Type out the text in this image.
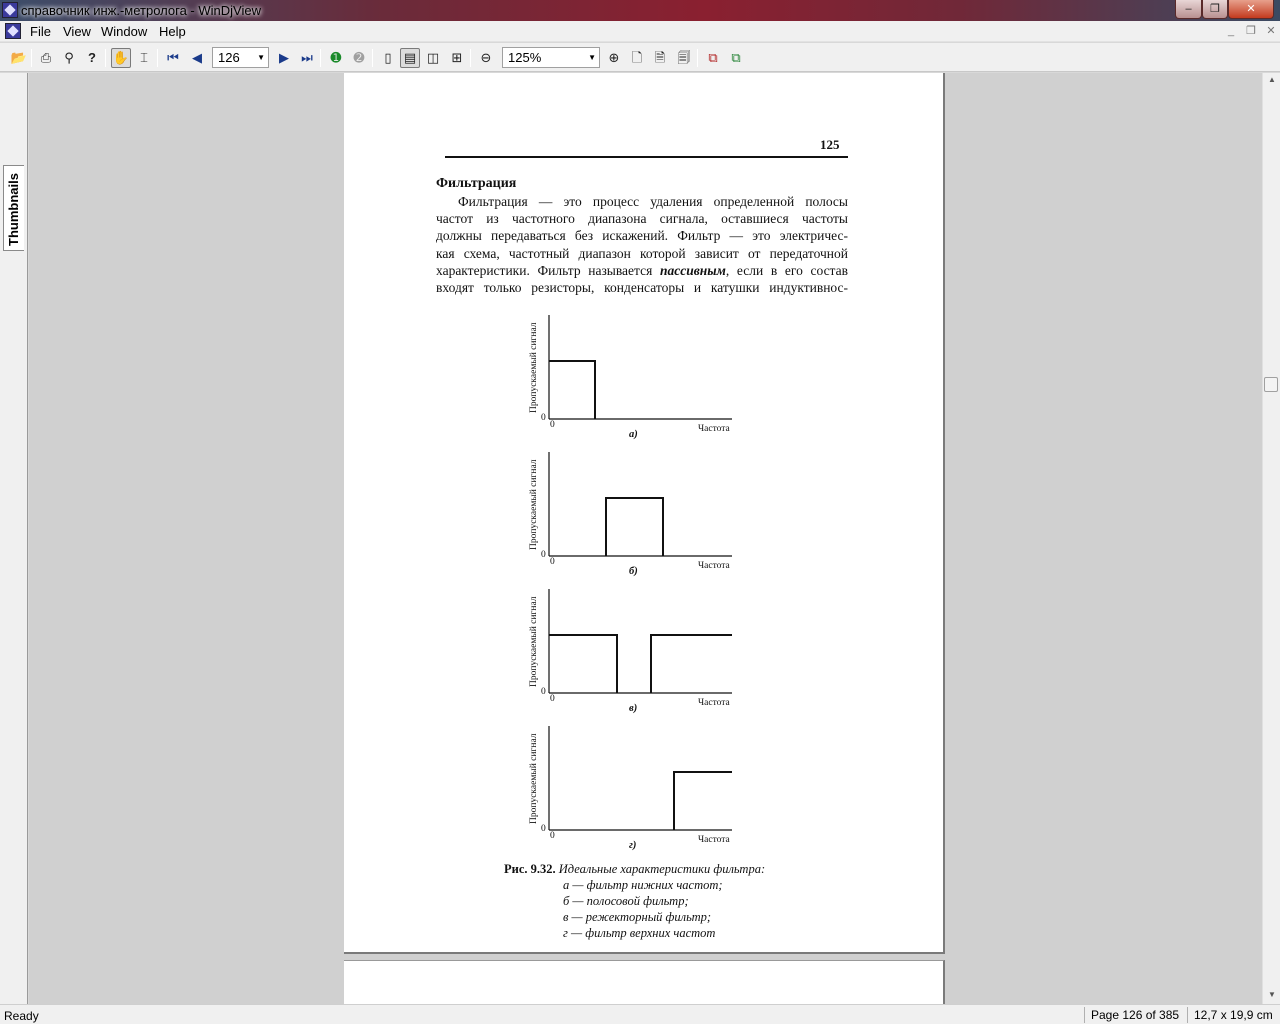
справочник инж.-метролога - WinDjView	–	❐	✕
File View Window Help	_	❐ ✕
📂	⎙	⚲	?	✋ ⌶	⏮	◀	▶ ⏭	➊ ➋	▯ ▤ ◫ ⊞	⊖	⊕ 🗋 🗎 🗐	⧉	⧉
126 ▼	125%	▼
Thumbnails
125
Фильтрация
Фильтрация — это процесс удаления определенной полосы
частот из частотного диапазона сигнала, оставшиеся частоты
должны передаваться без искажений. Фильтр — это электричес-
кая схема, частотный диапазон которой зависит от передаточной
характеристики. Фильтр называется пассивным, если в его состав
входят только резисторы, конденсаторы и катушки индуктивнос-
Пропускаемый сигнал
0
0	Частота
а)
Пропускаемый сигнал
0
0	Частота
б)
Пропускаемый сигнал
0
0	Частота
в)
Пропускаемый сигнал
0
0	Частота
г)
Рис. 9.32. Идеальные характеристики фильтра:
а — фильтр нижних частот;
б — полосовой фильтр;
в — режекторный фильтр;
г — фильтр верхних частот
▲
▼
Ready	Page 126 of 385	12,7 x 19,9 cm
